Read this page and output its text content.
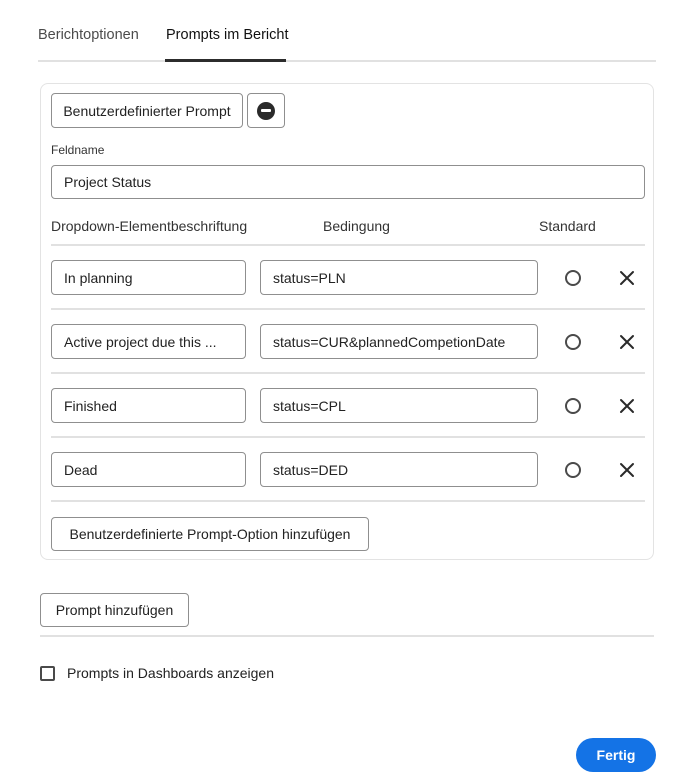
Berichtoptionen Prompts im Bericht
Benutzerdefinierter Prompt
Feldname
Project Status
Dropdown-Elementbeschriftung	Bedingung	Standard
In planning	status=PLN
Active project due this ...	status=CUR&plannedCompetionDate
Finished	status=CPL
Dead	status=DED
Benutzerdefinierte Prompt-Option hinzufügen
Prompt hinzufügen
Prompts in Dashboards anzeigen
Fertig
